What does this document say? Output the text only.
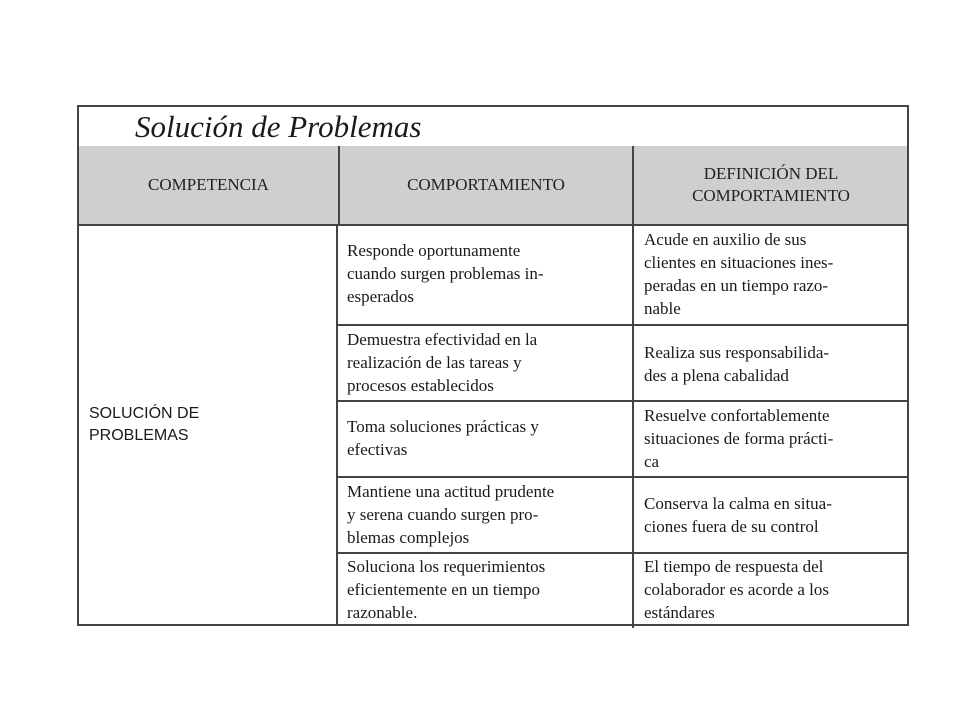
Solución de Problemas
COMPETENCIA	COMPORTAMIENTO
DEFINICIÓN DEL
COMPORTAMIENTO
SOLUCIÓN DE
PROBLEMAS
Responde oportunamente
cuando surgen problemas in-
esperados
Acude en auxilio de sus
clientes en situaciones ines-
peradas en un tiempo razo-
nable
Demuestra efectividad en la
realización de las tareas y
procesos establecidos
Realiza sus responsabilida-
des a plena cabalidad
Toma soluciones prácticas y
efectivas
Resuelve confortablemente
situaciones de forma prácti-
ca
Mantiene una actitud prudente
y serena cuando surgen pro-
blemas complejos
Conserva la calma en situa-
ciones fuera de su control
Soluciona los requerimientos
eficientemente en un tiempo
razonable.
El tiempo de respuesta del
colaborador es acorde a los
estándares
